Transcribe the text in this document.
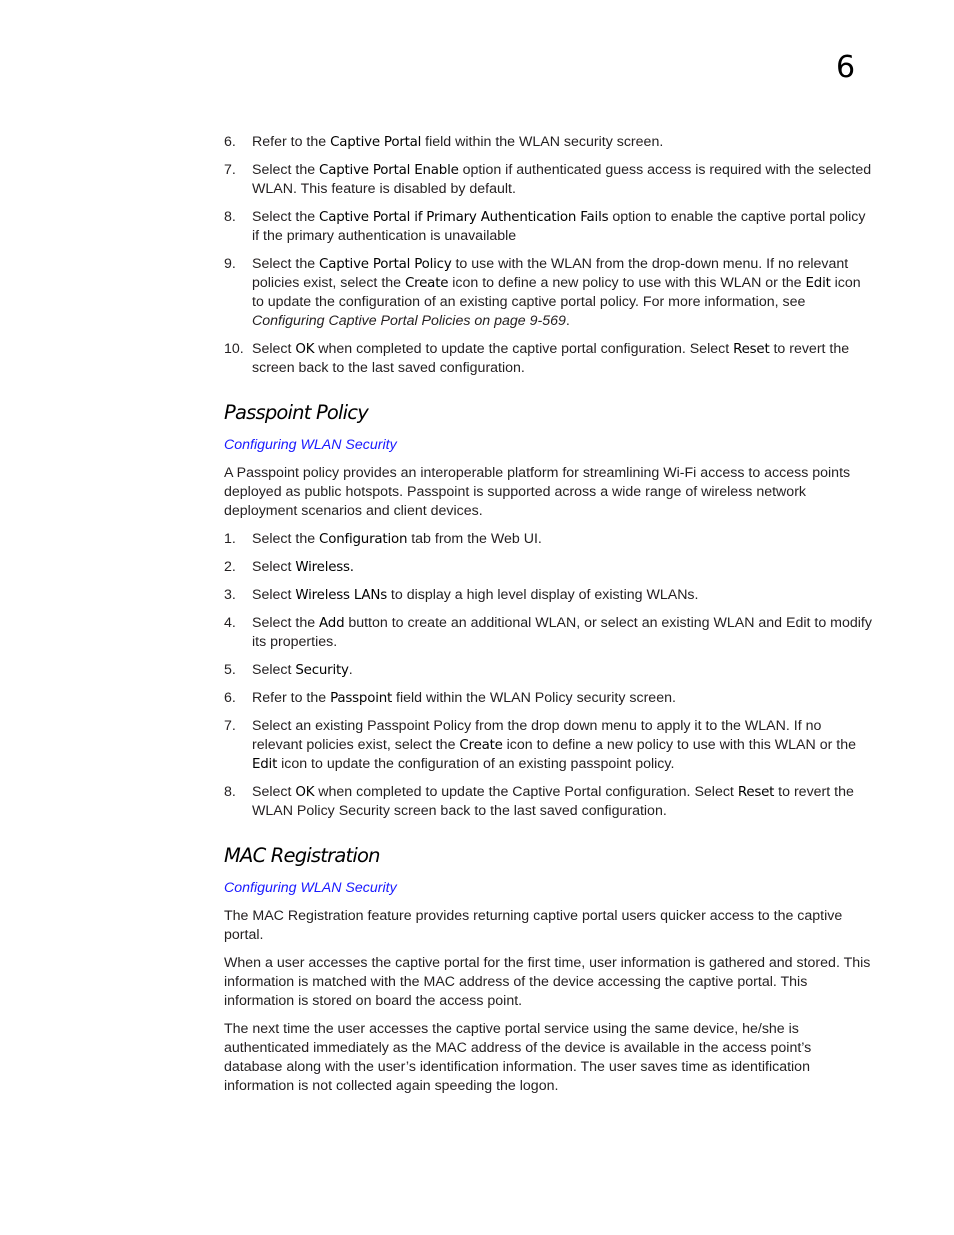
6
6. Refer to the Captive Portal field within the WLAN security screen.
7. Select the Captive Portal Enable option if authenticated guess access is required with the selected WLAN. This feature is disabled by default.
8. Select the Captive Portal if Primary Authentication Fails option to enable the captive portal policy if the primary authentication is unavailable
9. Select the Captive Portal Policy to use with the WLAN from the drop-down menu. If no relevant policies exist, select the Create icon to define a new policy to use with this WLAN or the Edit icon to update the configuration of an existing captive portal policy. For more information, see Configuring Captive Portal Policies on page 9-569.
10. Select OK when completed to update the captive portal configuration. Select Reset to revert the screen back to the last saved configuration.
Passpoint Policy
Configuring WLAN Security

A Passpoint policy provides an interoperable platform for streamlining Wi-Fi access to access points deployed as public hotspots. Passpoint is supported across a wide range of wireless network deployment scenarios and client devices.

1. Select the Configuration tab from the Web UI.
2. Select Wireless.
3. Select Wireless LANs to display a high level display of existing WLANs.
4. Select the Add button to create an additional WLAN, or select an existing WLAN and Edit to modify its properties.
5. Select Security.
6. Refer to the Passpoint field within the WLAN Policy security screen.
7. Select an existing Passpoint Policy from the drop down menu to apply it to the WLAN. If no relevant policies exist, select the Create icon to define a new policy to use with this WLAN or the Edit icon to update the configuration of an existing passpoint policy.
8. Select OK when completed to update the Captive Portal configuration. Select Reset to revert the WLAN Policy Security screen back to the last saved configuration.
MAC Registration
Configuring WLAN Security

The MAC Registration feature provides returning captive portal users quicker access to the captive portal.

When a user accesses the captive portal for the first time, user information is gathered and stored. This information is matched with the MAC address of the device accessing the captive portal. This information is stored on board the access point.

The next time the user accesses the captive portal service using the same device, he/she is authenticated immediately as the MAC address of the device is available in the access point’s database along with the user’s identification information. The user saves time as identification information is not collected again speeding the logon.
